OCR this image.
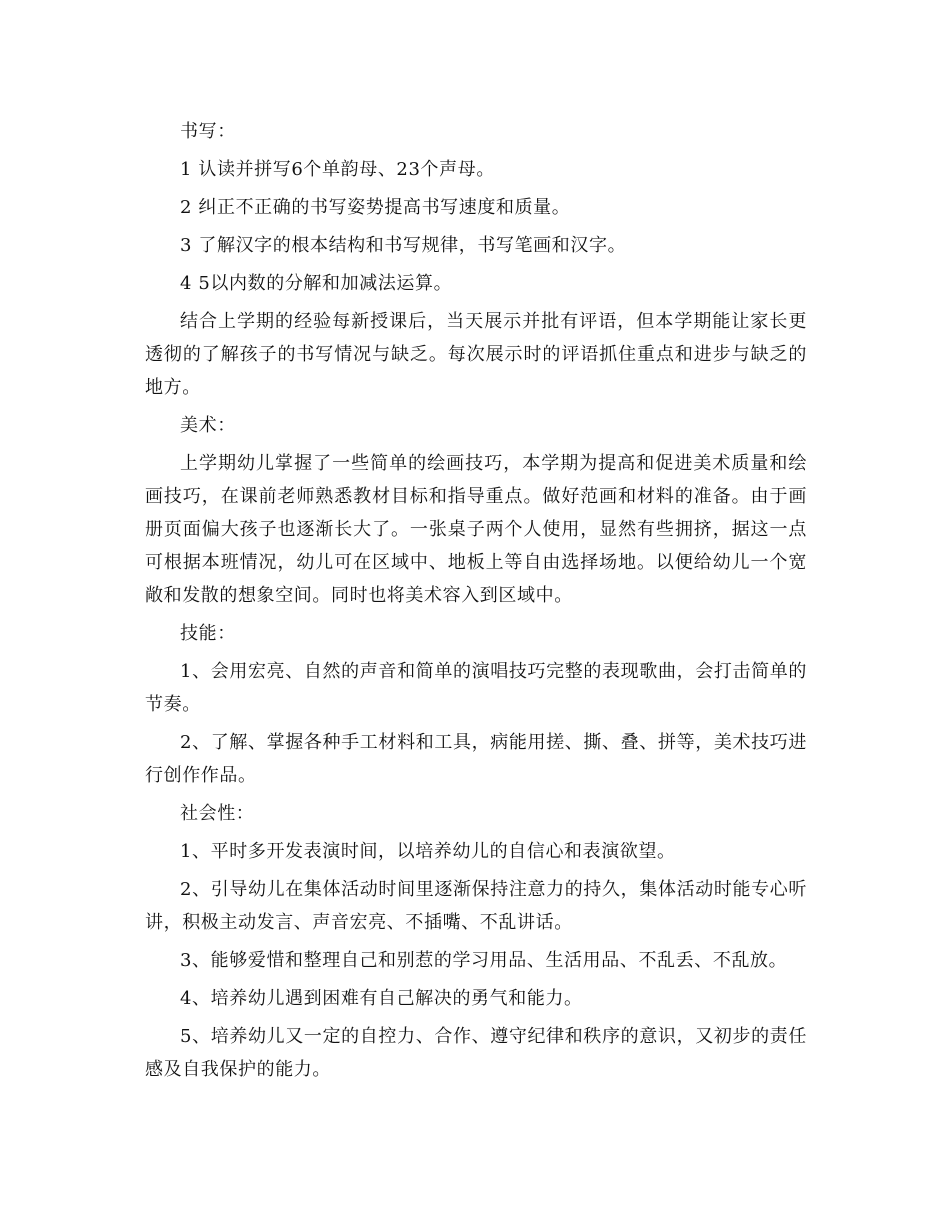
书写：

1 认读并拼写6个单韵母、23个声母。

2 纠正不正确的书写姿势提高书写速度和质量。

3 了解汉字的根本结构和书写规律，书写笔画和汉字。

4 5以内数的分解和加减法运算。

结合上学期的经验每新授课后，当天展示并批有评语，但本学期能让家长更透彻的了解孩子的书写情况与缺乏。每次展示时的评语抓住重点和进步与缺乏的地方。

美术：

上学期幼儿掌握了一些简单的绘画技巧，本学期为提高和促进美术质量和绘画技巧，在课前老师熟悉教材目标和指导重点。做好范画和材料的准备。由于画册页面偏大孩子也逐渐长大了。一张桌子两个人使用，显然有些拥挤，据这一点可根据本班情况，幼儿可在区域中、地板上等自由选择场地。以便给幼儿一个宽敞和发散的想象空间。同时也将美术容入到区域中。

技能：

1、会用宏亮、自然的声音和简单的演唱技巧完整的表现歌曲，会打击简单的节奏。

2、了解、掌握各种手工材料和工具，病能用搓、撕、叠、拼等，美术技巧进行创作作品。

社会性：

1、平时多开发表演时间，以培养幼儿的自信心和表演欲望。

2、引导幼儿在集体活动时间里逐渐保持注意力的持久，集体活动时能专心听讲，积极主动发言、声音宏亮、不插嘴、不乱讲话。

3、能够爱惜和整理自己和别惹的学习用品、生活用品、不乱丢、不乱放。

4、培养幼儿遇到困难有自己解决的勇气和能力。

5、培养幼儿又一定的自控力、合作、遵守纪律和秩序的意识，又初步的责任感及自我保护的能力。
